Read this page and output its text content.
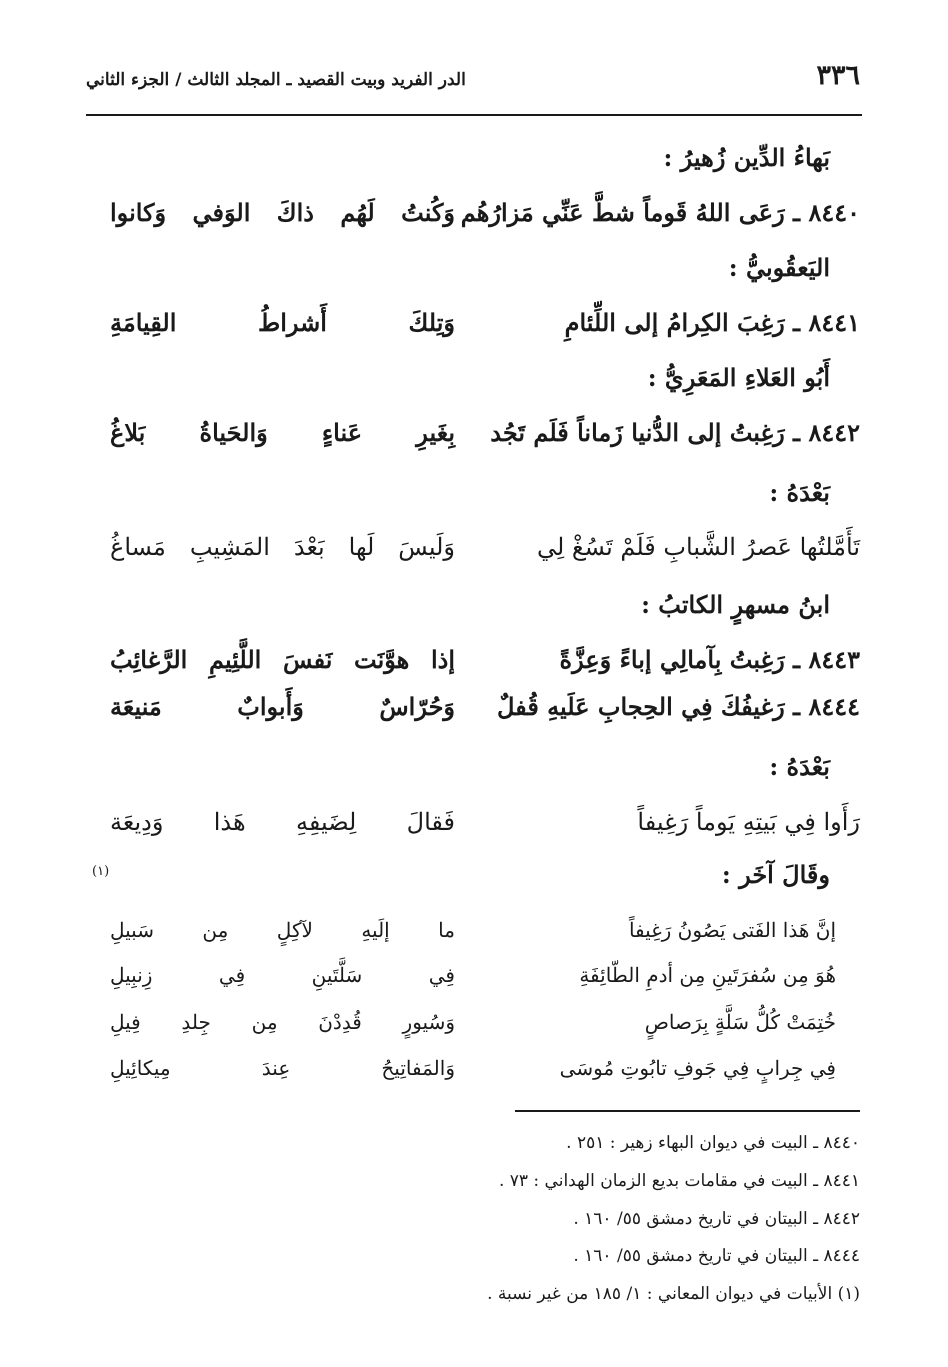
٣٣٦
الدر الفريد وبيت القصيد ـ المجلد الثالث / الجزء الثاني
بَهاءُ الدِّين زُهيرُ :
٨٤٤٠ ـ رَعَى اللهُ قَوماً شطَّ عَنِّي مَزارُهُم
وَكُنتُ لَهُم ذاكَ الوَفي وَكانوا
اليَعقُوبيُّ :
٨٤٤١ ـ رَغِبَ الكِرامُ إلى اللِّئامِ
وَتِلكَ أَشراطُ القِيامَةِ
أَبُو العَلاءِ المَعَرِيُّ :
٨٤٤٢ ـ رَغِبتُ إلى الدُّنيا زَماناً فَلَم تَجُد
بِغَيرِ عَناءٍ وَالحَياةُ بَلاغُ
بَعْدَهُ :
تَأَمَّلتُها عَصرُ الشَّبابِ فَلَمْ تَسُغْ لِي
وَلَيسَ لَها بَعْدَ المَشِيبِ مَساغُ
ابنُ مسهرٍ الكاتبُ :
٨٤٤٣ ـ رَغِبتُ بِآمالِي إباءً وَعِزَّةً
إذا هوَّنَت نَفسَ اللَّئِيمِ الرَّغائِبُ
٨٤٤٤ ـ رَغيفُكَ فِي الحِجابِ عَلَيهِ قُفلٌ
وَحُرّاسٌ وَأَبوابٌ مَنيعَة
بَعْدَهُ :
رَأَوا فِي بَيتِهِ يَوماً رَغِيفاً
فَقالَ لِضَيفِهِ هَذا وَدِيعَة
وقَالَ آخَر :
(١)
إنَّ هَذا الفَتى يَصُونُ رَغِيفاً
ما إلَيهِ لآكِلٍ مِن سَبيلِ
هُوَ مِن سُفرَتَينِ مِن أدمِ الطّائِفَةِ
فِي سَلَّتَينِ فِي زِنبِيلِ
خُتِمَتْ كُلُّ سَلَّةٍ بِرَصاصٍ
وَسُيورٍ قُدِدْنَ مِن جِلدِ فِيلِ
فِي جِرابٍ فِي جَوفِ تابُوتِ مُوسَى
وَالمَفاتِيحُ عِندَ مِيكائِيلِ
٨٤٤٠ ـ البيت في ديوان البهاء زهير : ٢٥١ .
٨٤٤١ ـ البيت في مقامات بديع الزمان الهداني : ٧٣ .
٨٤٤٢ ـ البيتان في تاريخ دمشق ٥٥/ ١٦٠ .
٨٤٤٤ ـ البيتان في تاريخ دمشق ٥٥/ ١٦٠ .
(١) الأبيات في ديوان المعاني : ١/ ١٨٥ من غير نسبة .
